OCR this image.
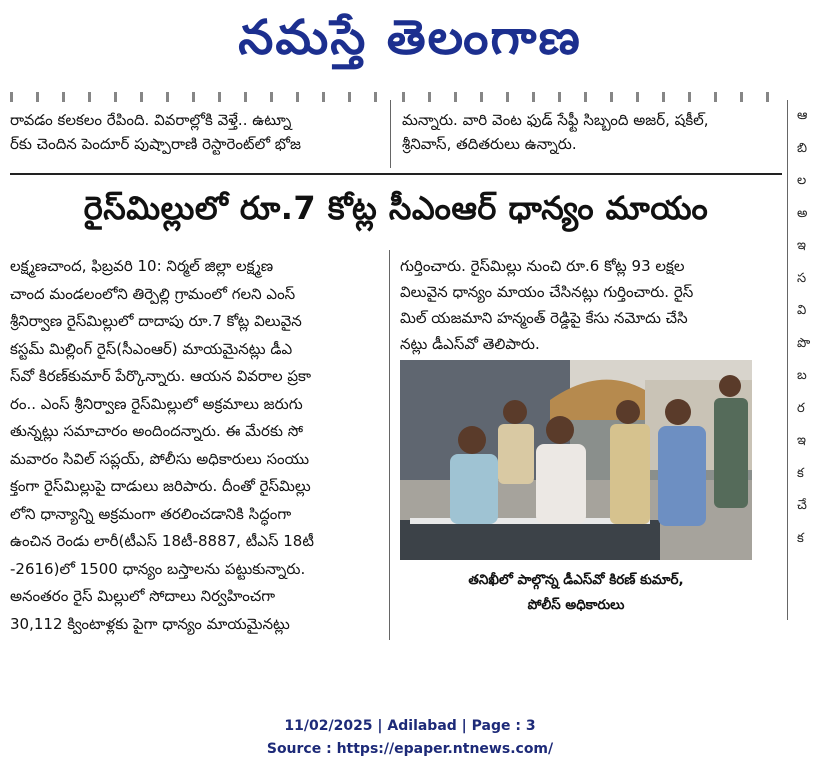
నమస్తే తెలంగాణ
రావడం కలకలం రేపింది. వివరాల్లోకి వెళ్తే.. ఉట్నూ
ర్‌కు చెందిన పెందూర్ పుష్పారాణి రెస్టారెంట్‌లో భోజ
మన్నారు. వారి వెంట ఫుడ్ సేఫ్టీ సిబ్బంది అజర్, షకీల్,
శ్రీనివాస్, తదితరులు ఉన్నారు.
రైస్‌మిల్లులో రూ.7 కోట్ల సీఎంఆర్ ధాన్యం మాయం
లక్ష్మణచాంద, ఫిబ్రవరి 10: నిర్మల్ జిల్లా లక్ష్మణ
చాంద మండలంలోని తిర్పెల్లి గ్రామంలో గలని ఎంస్
శ్రీనిర్వాణ రైస్‌మిల్లులో దాదాపు రూ.7 కోట్ల విలువైన
కస్టమ్ మిల్లింగ్ రైస్(సీఎంఆర్) మాయమైనట్లు డీఎ
స్‌వో కిరణ్‌కుమార్ పేర్కొన్నారు. ఆయన వివరాల ప్రకా
రం.. ఎంస్ శ్రీనిర్వాణ రైస్‌మిల్లులో అక్రమాలు జరుగు
తున్నట్లు సమాచారం అందిందన్నారు. ఈ మేరకు సో
మవారం సివిల్ సప్లయ్, పోలీసు అధికారులు సంయు
క్తంగా రైస్‌మిల్లుపై దాడులు జరిపారు. దీంతో రైస్‌మిల్లు
లోని ధాన్యాన్ని అక్రమంగా తరలించడానికి సిద్ధంగా
ఉంచిన రెండు లారీ(టీఎస్ 18టీ-8887, టీఎస్ 18టీ
-2616)లో 1500 ధాన్యం బస్తాలను పట్టుకున్నారు.
అనంతరం రైస్ మిల్లులో సోదాలు నిర్వహించగా
30,112 క్వింటాళ్లకు పైగా ధాన్యం మాయమైనట్లు
గుర్తించారు. రైస్‌మిల్లు నుంచి రూ.6 కోట్ల 93 లక్షల
విలువైన ధాన్యం మాయం చేసినట్లు గుర్తించారు. రైస్
మిల్ యజమాని హన్మంత్ రెడ్డిపై కేసు నమోదు చేసి
నట్లు డీఎస్‌వో తెలిపారు.
తనిఖీలో పాల్గొన్న డీఎస్‌వో కిరణ్ కుమార్,
పోలీస్ అధికారులు
ఆ
బి
ల
అ
ఇ
స
వి
పొ
బ
ర
ఇ
క
చే
క
11/02/2025 | Adilabad | Page : 3
Source : https://epaper.ntnews.com/
